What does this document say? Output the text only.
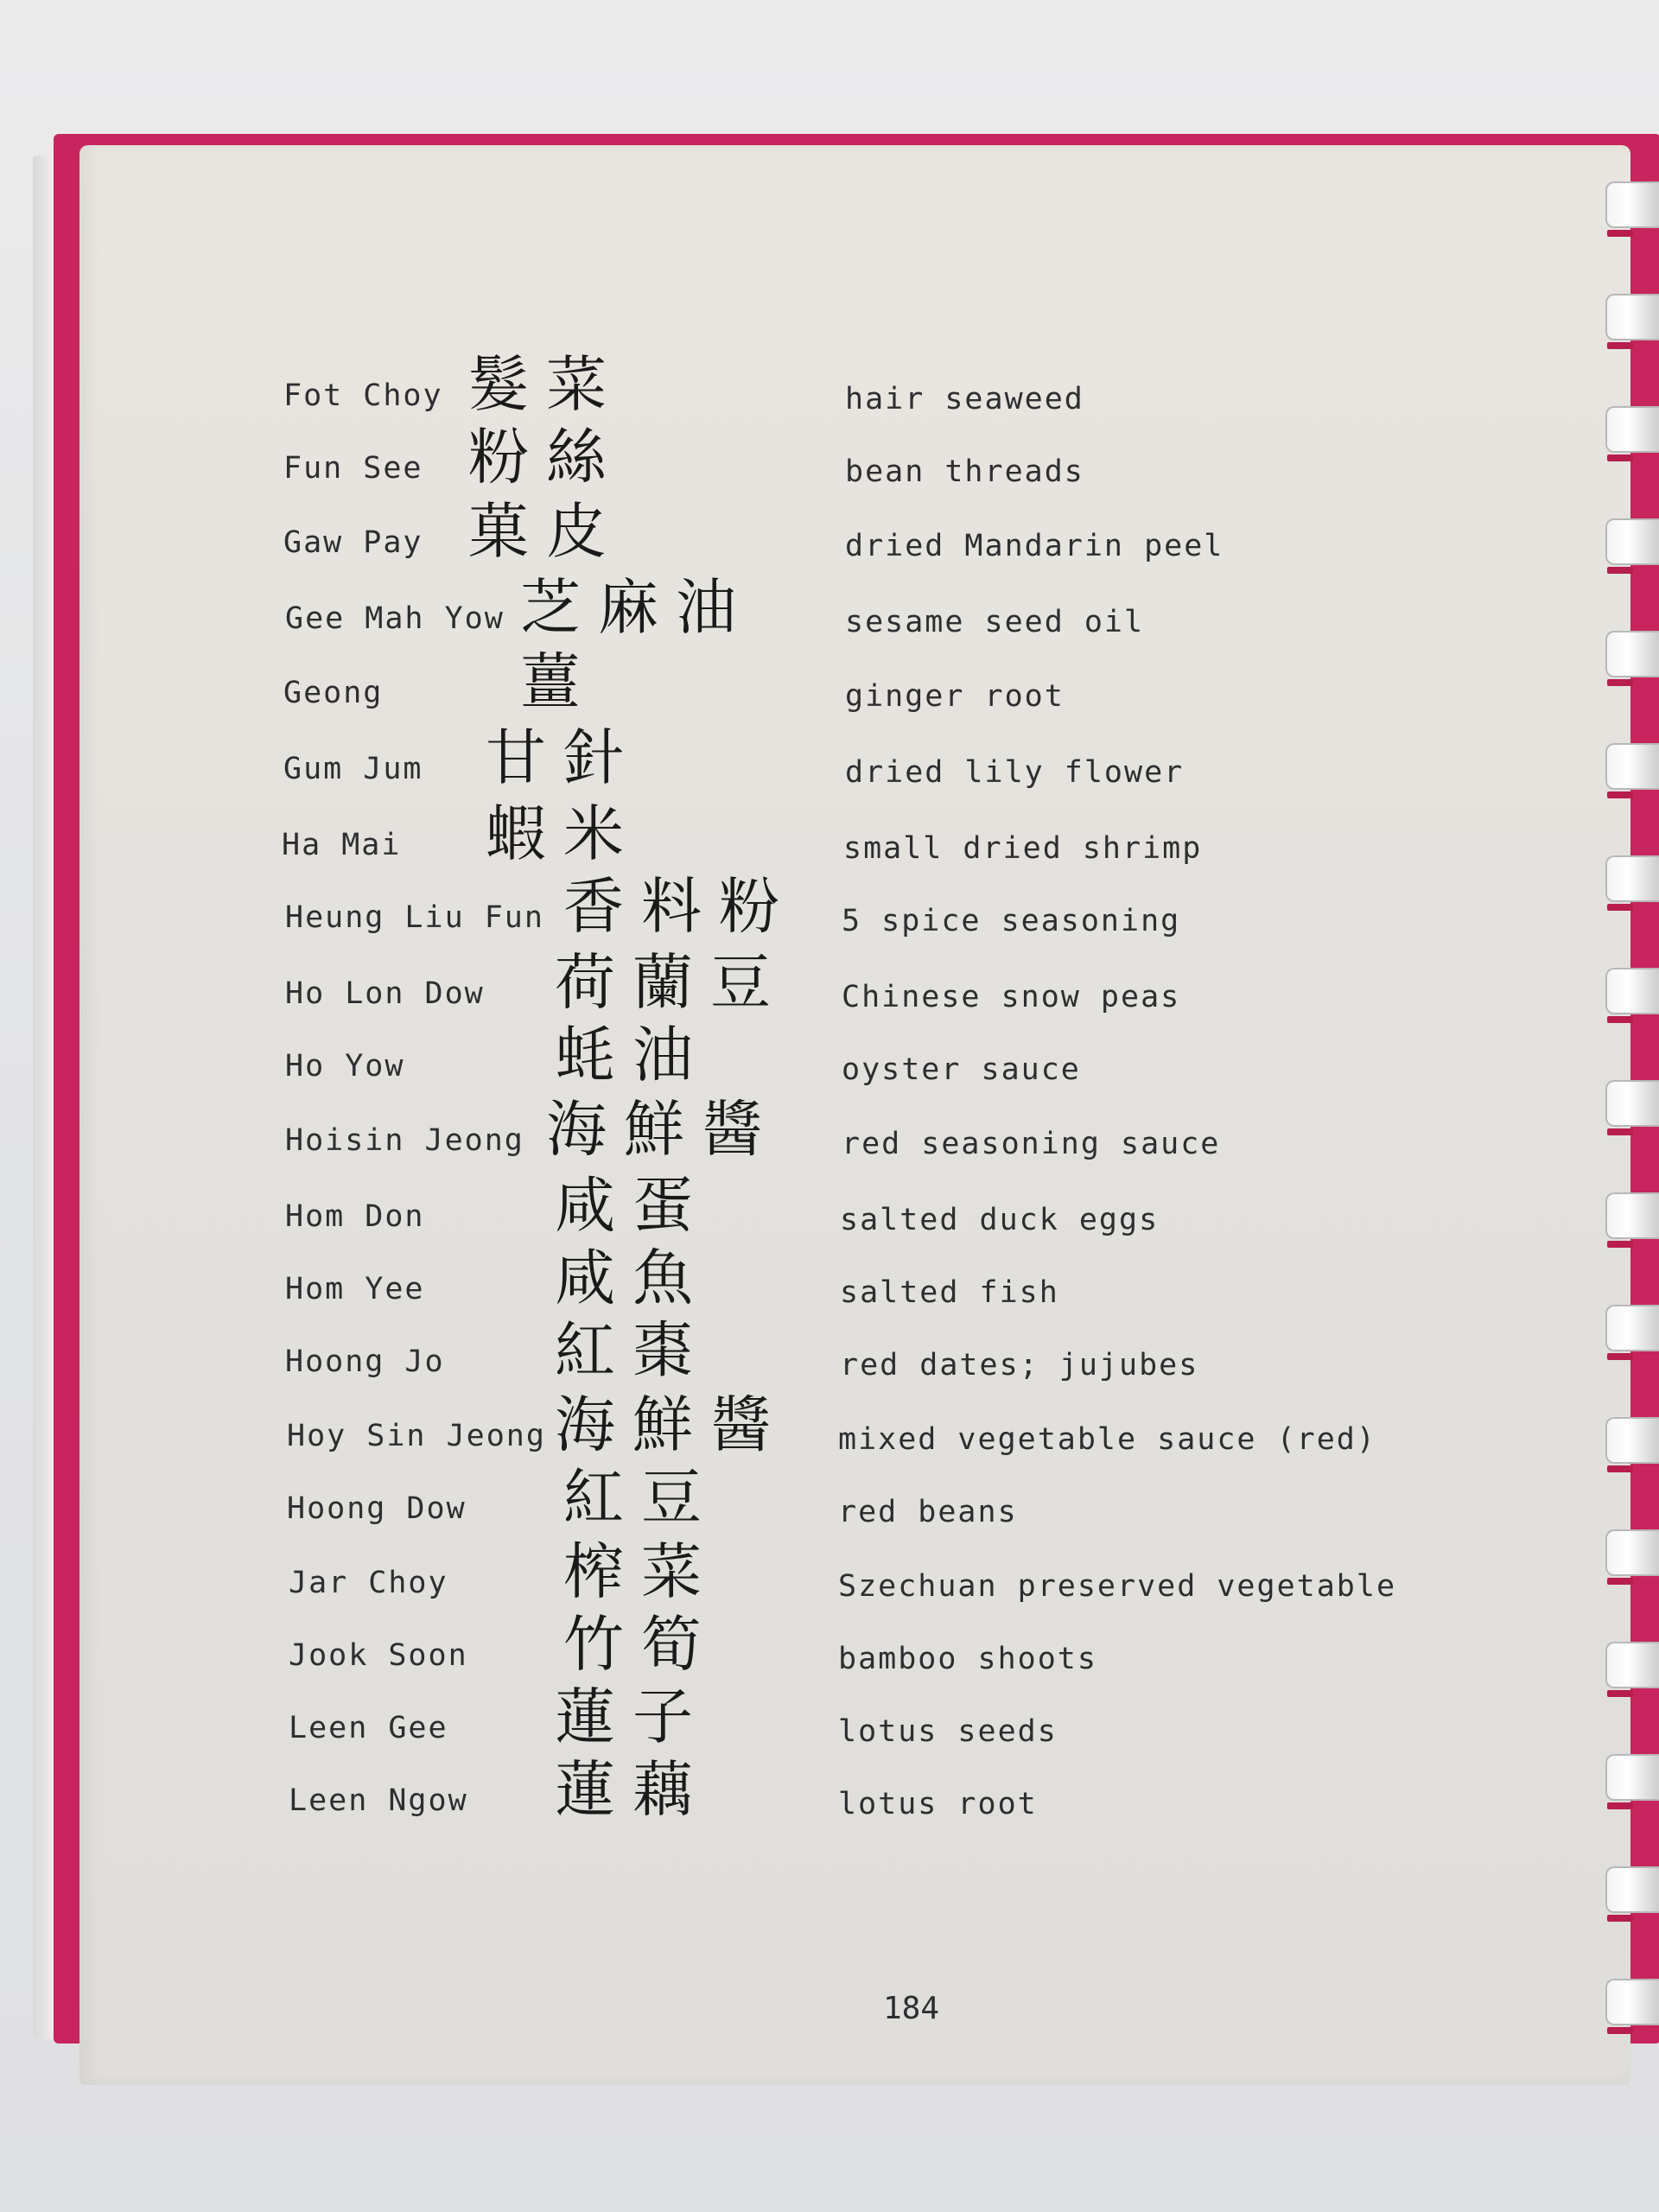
Fot Choy 髮菜	hair seaweed
Fun See 粉絲	bean threads
Gaw Pay 菓皮	dried Mandarin peel
Gee Mah Yow 芝麻油	sesame seed oil
Geong 薑	ginger root
Gum Jum 甘針	dried lily flower
Ha Mai 蝦米	small dried shrimp
Heung Liu Fun 香料粉 5 spice seasoning
Ho Lon Dow 荷蘭豆 Chinese snow peas
Ho Yow 蚝油	oyster sauce
Hoisin Jeong 海鮮醬 red seasoning sauce
Hom Don 咸蛋	salted duck eggs
Hom Yee 咸魚	salted fish
Hoong Jo 紅棗	red dates; jujubes
Hoy Sin Jeong 海鮮醬 mixed vegetable sauce (red)
Hoong Dow 紅豆	red beans
Jar Choy 榨菜	Szechuan preserved vegetable
Jook Soon 竹筍	bamboo shoots
Leen Gee 蓮子	lotus seeds
Leen Ngow 蓮藕	lotus root
184
